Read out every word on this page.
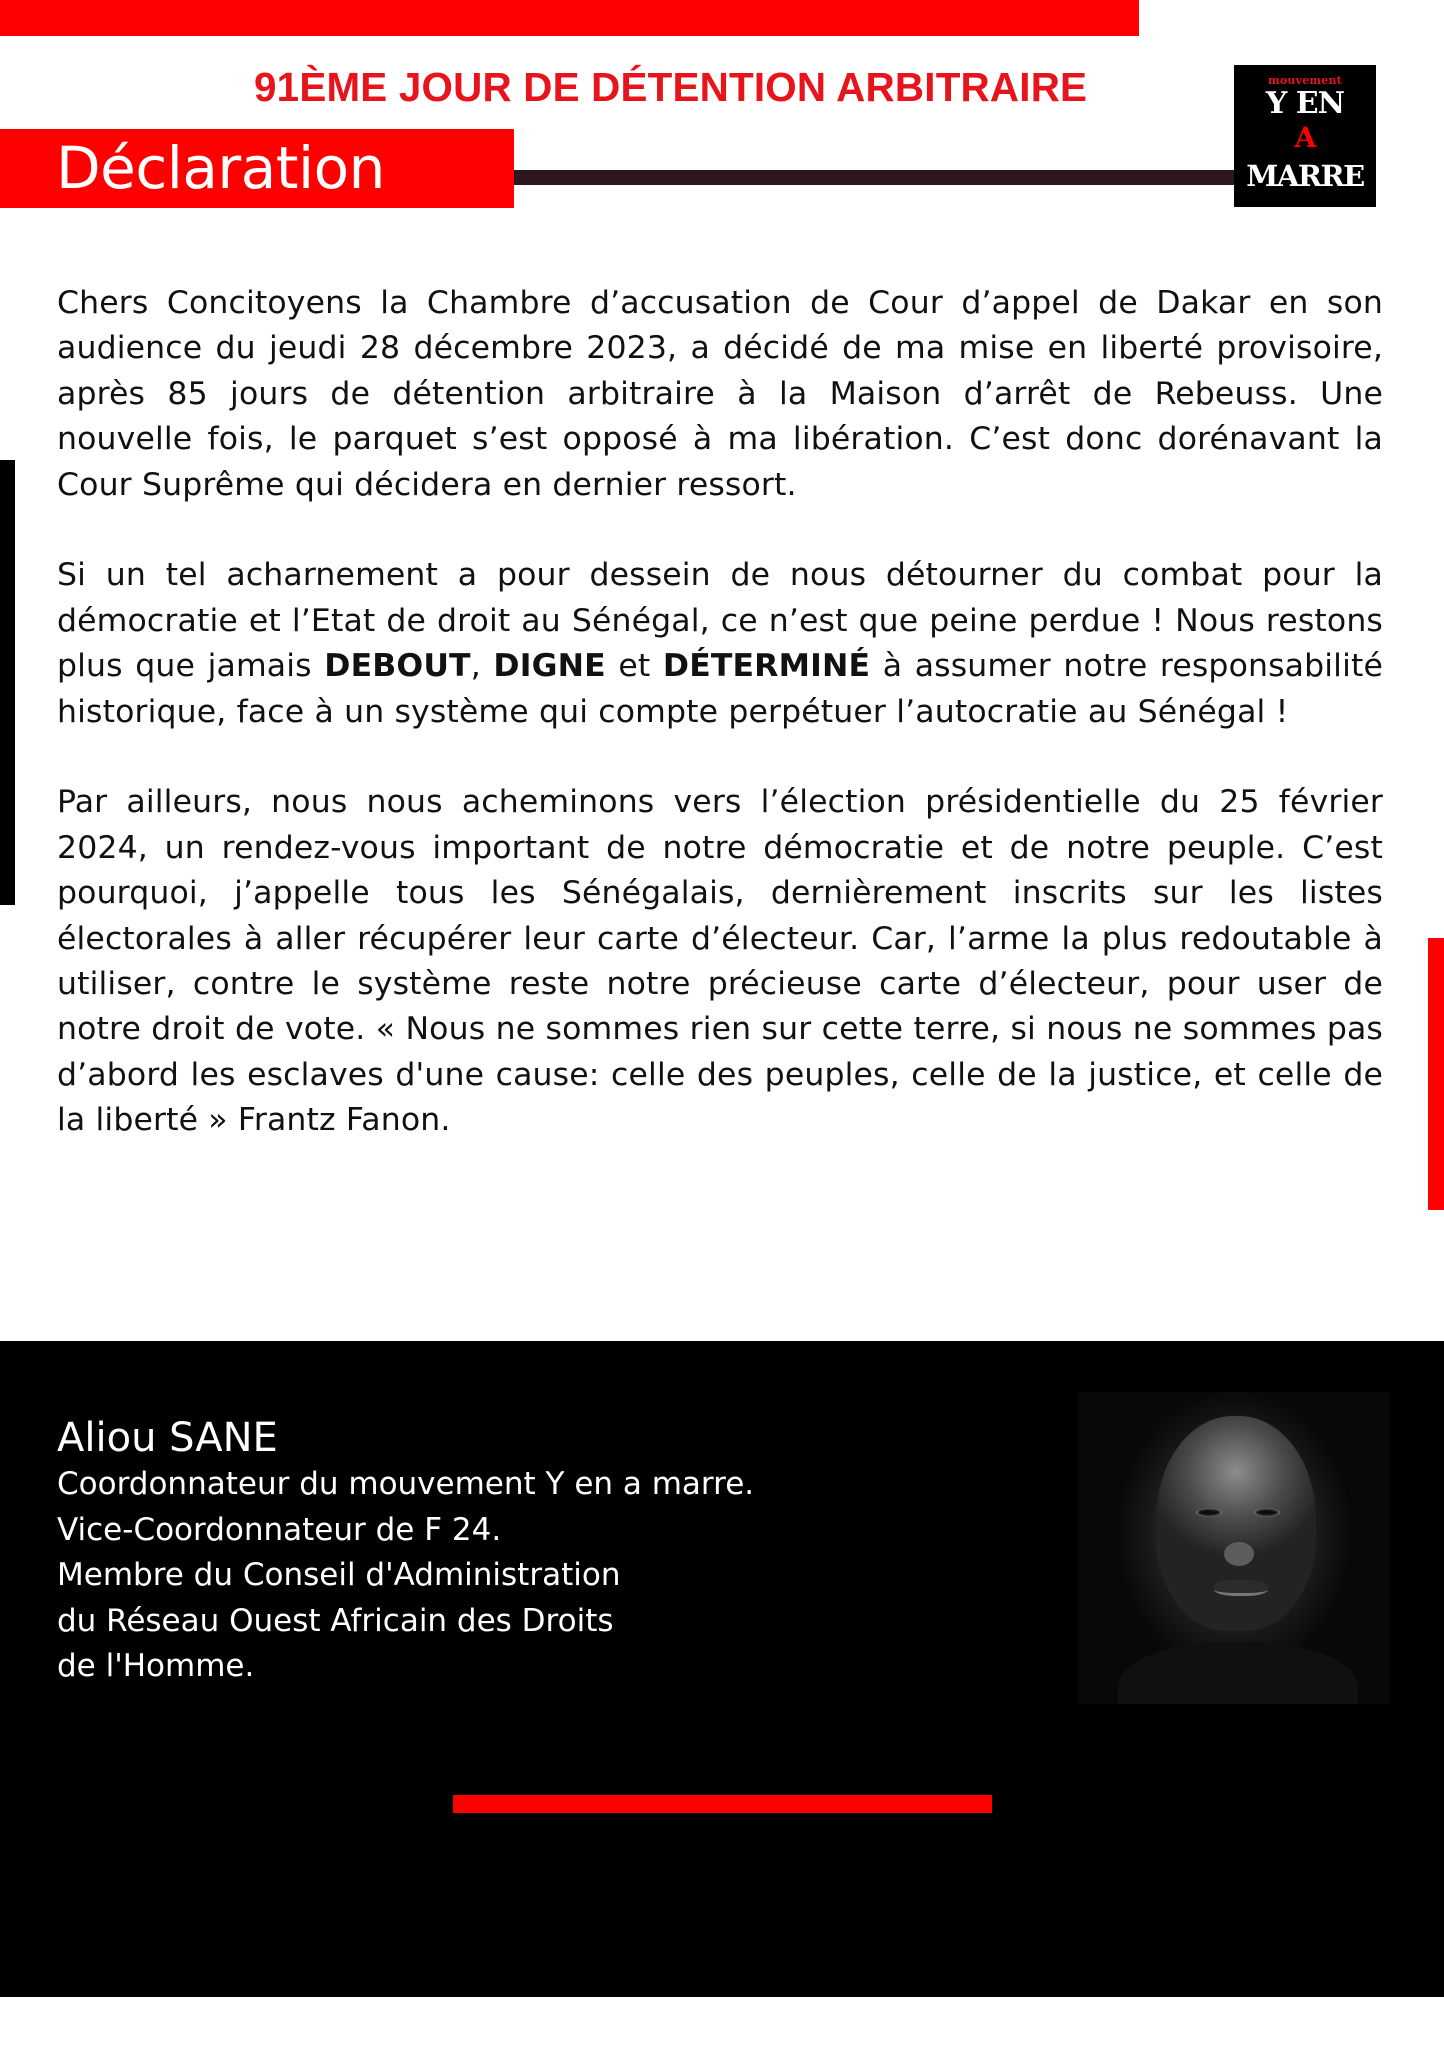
91ÈME JOUR DE DÉTENTION ARBITRAIRE
Déclaration
mouvement
Y EN
A
MARRE

Chers Concitoyens la Chambre d’accusation de Cour d’appel de Dakar en son audience du jeudi 28 décembre 2023, a décidé de ma mise en liberté provisoire, après 85 jours de détention arbitraire à la Maison d’arrêt de Rebeuss. Une nouvelle fois, le parquet s’est opposé à ma libération. C’est donc dorénavant la Cour Suprême qui décidera en dernier ressort.

Si un tel acharnement a pour dessein de nous détourner du combat pour la démocratie et l’Etat de droit au Sénégal, ce n’est que peine perdue ! Nous restons plus que jamais DEBOUT, DIGNE et DÉTERMINÉ à assumer notre responsabilité historique, face à un système qui compte perpétuer l’autocratie au Sénégal !

Par ailleurs, nous nous acheminons vers l’élection présidentielle du 25 février 2024, un rendez-vous important de notre démocratie et de notre peuple. C’est pourquoi, j’appelle tous les Sénégalais, dernièrement inscrits sur les listes électorales à aller récupérer leur carte d’électeur. Car, l’arme la plus redoutable à utiliser, contre le système reste notre précieuse carte d’électeur, pour user de notre droit de vote. « Nous ne sommes rien sur cette terre, si nous ne sommes pas d’abord les esclaves d'une cause: celle des peuples, celle de la justice, et celle de la liberté » Frantz Fanon.

Aliou SANE
Coordonnateur du mouvement Y en a marre.
Vice-Coordonnateur de F 24.
Membre du Conseil d'Administration
du Réseau Ouest Africain des Droits
de l'Homme.
